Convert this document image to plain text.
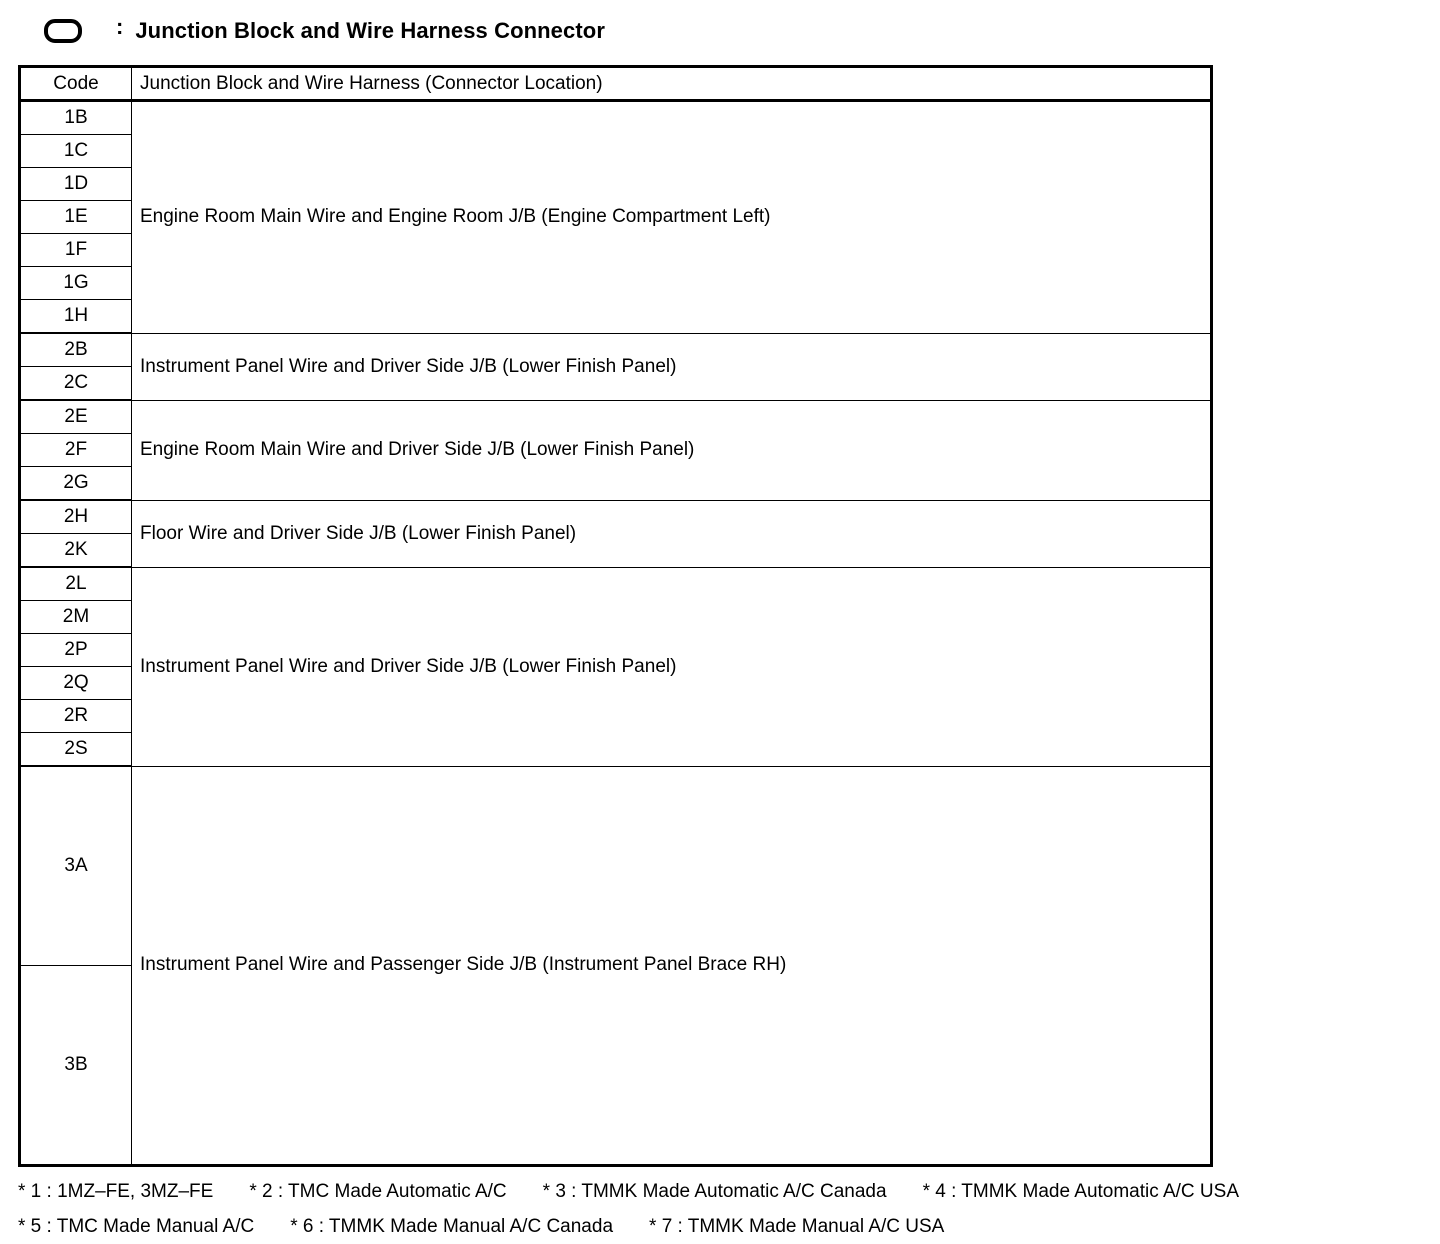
: Junction Block and Wire Harness Connector
Code	Junction Block and Wire Harness (Connector Location)
1B	Engine Room Main Wire and Engine Room J/B (Engine Compartment Left)
1C	
1D	
1E	
1F	
1G	
1H	
2B	Instrument Panel Wire and Driver Side J/B (Lower Finish Panel)
2C	
2E	Engine Room Main Wire and Driver Side J/B (Lower Finish Panel)
2F	
2G	
2H	Floor Wire and Driver Side J/B (Lower Finish Panel)
2K	
2L	Instrument Panel Wire and Driver Side J/B (Lower Finish Panel)
2M	
2P	
2Q	
2R	
2S	
3A	Instrument Panel Wire and Passenger Side J/B (Instrument Panel Brace RH)
3B	
* 1 : 1MZ–FE, 3MZ–FE * 2 : TMC Made Automatic A/C * 3 : TMMK Made Automatic A/C Canada * 4 : TMMK Made Automatic A/C USA
* 5 : TMC Made Manual A/C * 6 : TMMK Made Manual A/C Canada * 7 : TMMK Made Manual A/C USA
